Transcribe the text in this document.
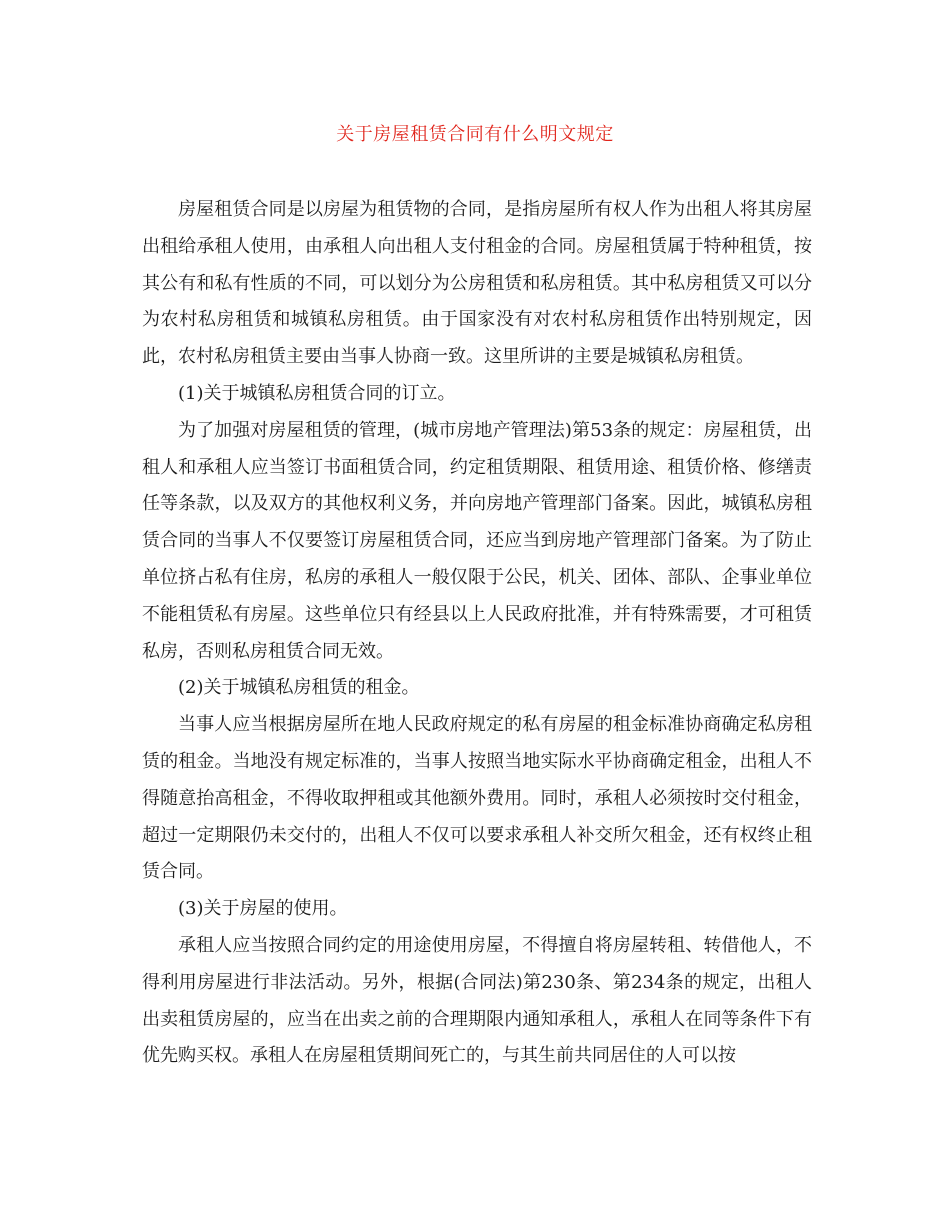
关于房屋租赁合同有什么明文规定

房屋租赁合同是以房屋为租赁物的合同，是指房屋所有权人作为出租人将其房屋出租给承租人使用，由承租人向出租人支付租金的合同。房屋租赁属于特种租赁，按其公有和私有性质的不同，可以划分为公房租赁和私房租赁。其中私房租赁又可以分为农村私房租赁和城镇私房租赁。由于国家没有对农村私房租赁作出特别规定，因此，农村私房租赁主要由当事人协商一致。这里所讲的主要是城镇私房租赁。

(1)关于城镇私房租赁合同的订立。

为了加强对房屋租赁的管理，(城市房地产管理法)第53条的规定：房屋租赁，出租人和承租人应当签订书面租赁合同，约定租赁期限、租赁用途、租赁价格、修缮责任等条款，以及双方的其他权利义务，并向房地产管理部门备案。因此，城镇私房租赁合同的当事人不仅要签订房屋租赁合同，还应当到房地产管理部门备案。为了防止单位挤占私有住房，私房的承租人一般仅限于公民，机关、团体、部队、企事业单位不能租赁私有房屋。这些单位只有经县以上人民政府批准，并有特殊需要，才可租赁私房，否则私房租赁合同无效。

(2)关于城镇私房租赁的租金。

当事人应当根据房屋所在地人民政府规定的私有房屋的租金标准协商确定私房租赁的租金。当地没有规定标准的，当事人按照当地实际水平协商确定租金，出租人不得随意抬高租金，不得收取押租或其他额外费用。同时，承租人必须按时交付租金，超过一定期限仍未交付的，出租人不仅可以要求承租人补交所欠租金，还有权终止租赁合同。

(3)关于房屋的使用。

承租人应当按照合同约定的用途使用房屋，不得擅自将房屋转租、转借他人，不得利用房屋进行非法活动。另外，根据(合同法)第230条、第234条的规定，出租人出卖租赁房屋的，应当在出卖之前的合理期限内通知承租人，承租人在同等条件下有优先购买权。承租人在房屋租赁期间死亡的，与其生前共同居住的人可以按
